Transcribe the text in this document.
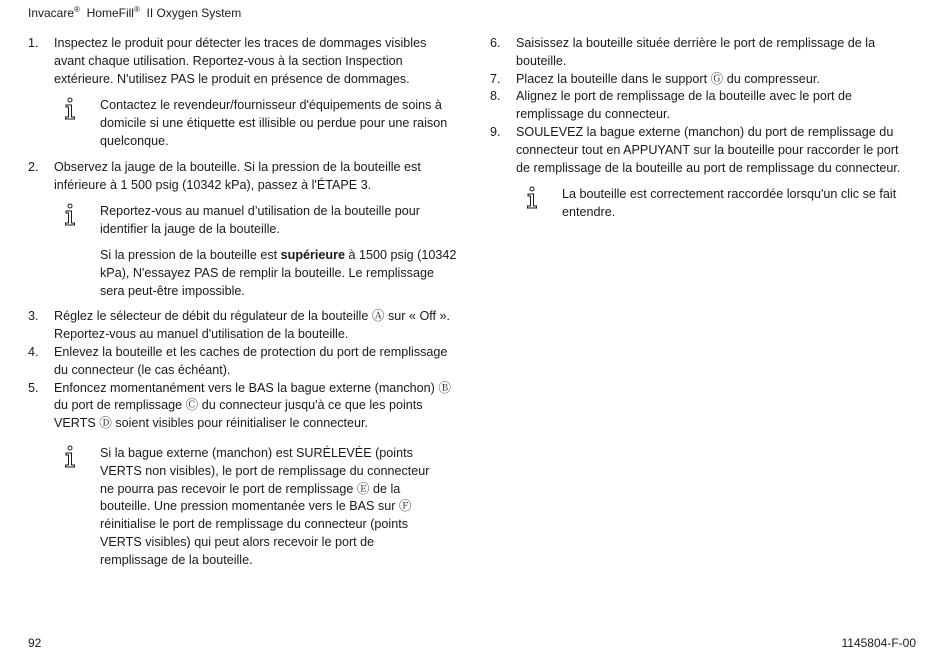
Invacare® HomeFill® II Oxygen System
1. Inspectez le produit pour détecter les traces de dommages visibles avant chaque utilisation. Reportez-vous à la section Inspection extérieure. N'utilisez PAS le produit en présence de dommages.
Contactez le revendeur/fournisseur d'équipements de soins à domicile si une étiquette est illisible ou perdue pour une raison quelconque.
2. Observez la jauge de la bouteille. Si la pression de la bouteille est inférieure à 1 500 psig (10342 kPa), passez à l'ÉTAPE 3.
Reportez-vous au manuel d’utilisation de la bouteille pour identifier la jauge de la bouteille.
Si la pression de la bouteille est supérieure à 1500 psig (10342 kPa), N'essayez PAS de remplir la bouteille. Le remplissage sera peut-être impossible.
3. Réglez le sélecteur de débit du régulateur de la bouteille Ⓐ sur « Off ». Reportez-vous au manuel d'utilisation de la bouteille.
4. Enlevez la bouteille et les caches de protection du port de remplissage du connecteur (le cas échéant).
5. Enfoncez momentanément vers le BAS la bague externe (manchon) Ⓑ du port de remplissage Ⓒ du connecteur jusqu'à ce que les points VERTS Ⓓ soient visibles pour réinitialiser le connecteur.
Si la bague externe (manchon) est SURÉLEVÉE (points VERTS non visibles), le port de remplissage du connecteur ne pourra pas recevoir le port de remplissage Ⓔ de la bouteille. Une pression momentanée vers le BAS sur Ⓕ réinitialise le port de remplissage du connecteur (points VERTS visibles) qui peut alors recevoir le port de remplissage de la bouteille.
6. Saisissez la bouteille située derrière le port de remplissage de la bouteille.
7. Placez la bouteille dans le support Ⓖ du compresseur.
8. Alignez le port de remplissage de la bouteille avec le port de remplissage du connecteur.
9. SOULEVEZ la bague externe (manchon) du port de remplissage du connecteur tout en APPUYANT sur la bouteille pour raccorder le port de remplissage de la bouteille au port de remplissage du connecteur.
La bouteille est correctement raccordée lorsqu'un clic se fait entendre.
92	1145804-F-00
